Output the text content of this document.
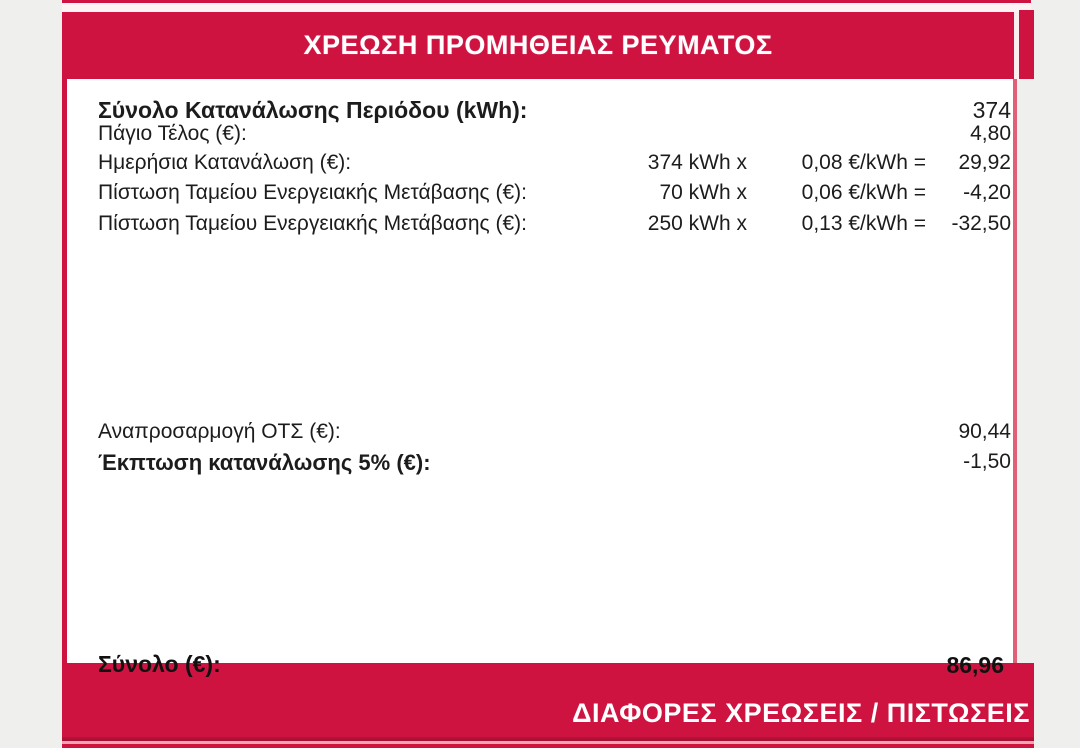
ΧΡΕΩΣΗ ΠΡΟΜΗΘΕΙΑΣ ΡΕΥΜΑΤΟΣ
Σύνολο Κατανάλωσης Περιόδου (kWh):	374
Πάγιο Τέλος (€):	4,80
Ημερήσια Κατανάλωση (€):	374 kWh x	0,08 €/kWh = 29,92
Πίστωση Ταμείου Ενεργειακής Μετάβασης (€):	70 kWh x	0,06 €/kWh = -4,20
Πίστωση Ταμείου Ενεργειακής Μετάβασης (€):	250 kWh x	0,13 €/kWh = -32,50
Αναπροσαρμογή ΟΤΣ (€):	90,44
Έκπτωση κατανάλωσης 5% (€):	-1,50
Σύνολο (€):	86,96
ΔΙΑΦΟΡΕΣ ΧΡΕΩΣΕΙΣ / ΠΙΣΤΩΣΕΙΣ
